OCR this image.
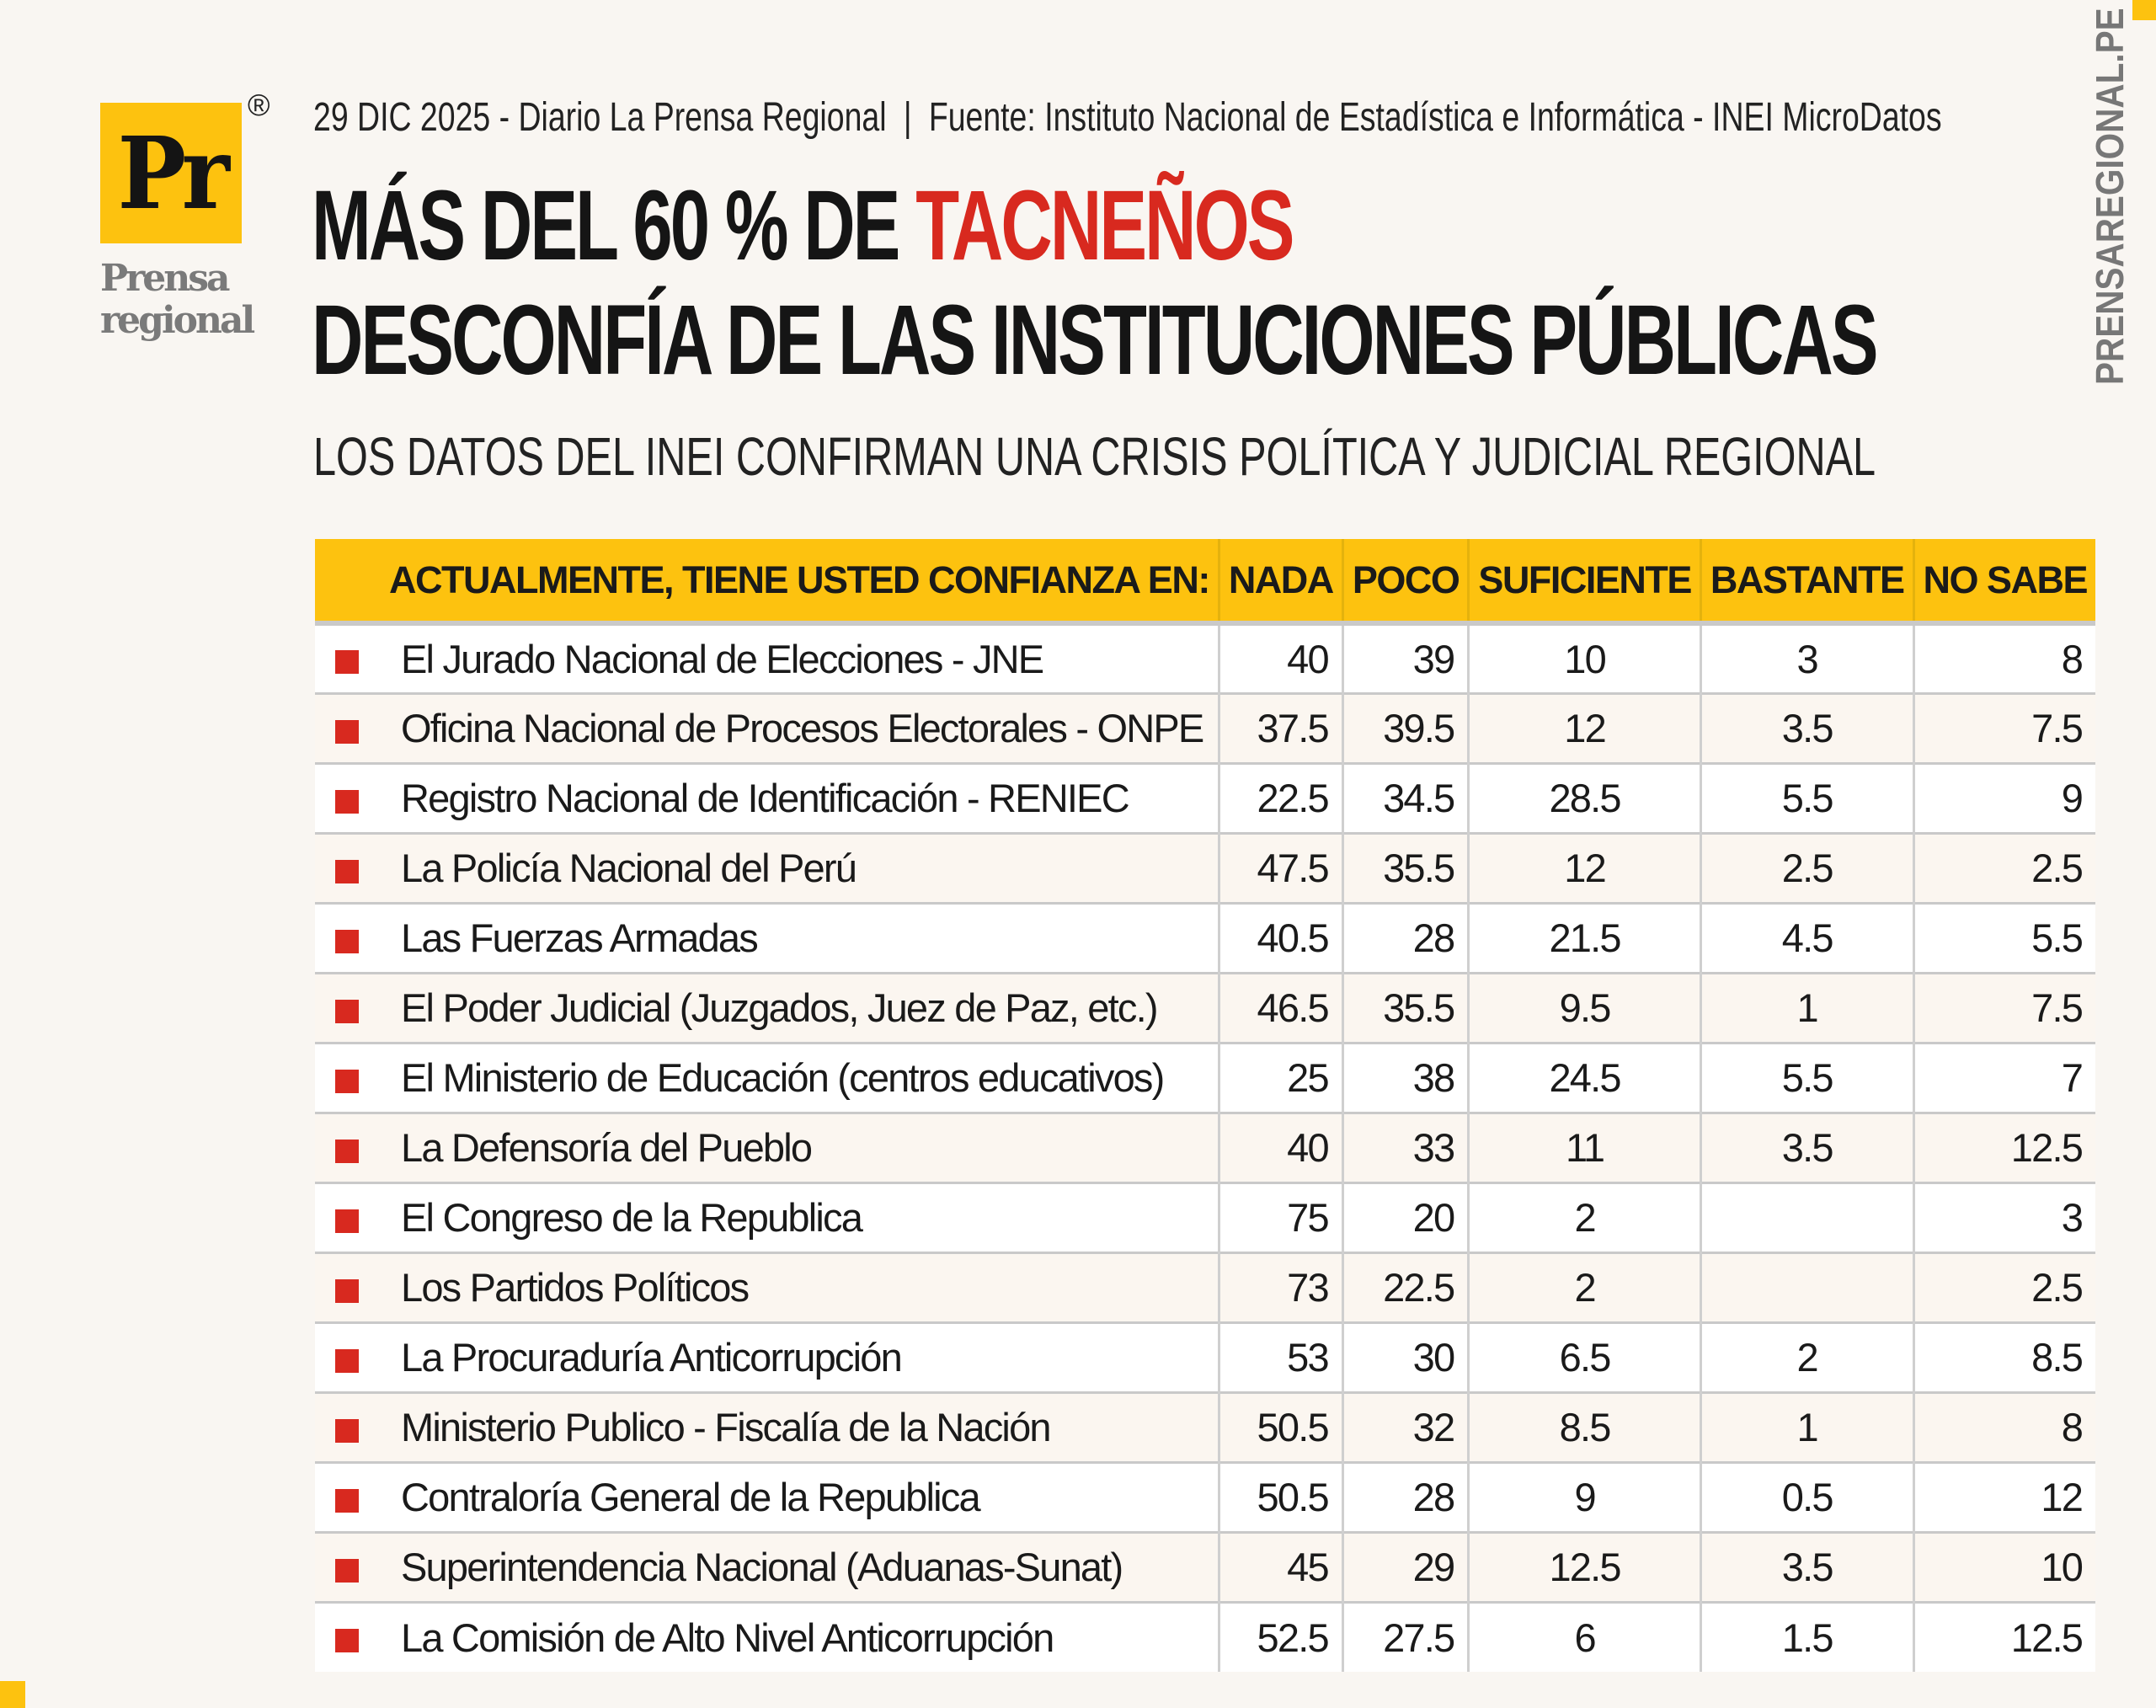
Pr
®
Prensa
regional
29 DIC 2025 - Diario La Prensa Regional | Fuente: Instituto Nacional de Estadística e Informática - INEI MicroDatos
MÁS DEL 60 % DE TACNEÑOS
DESCONFÍA DE LAS INSTITUCIONES PÚBLICAS
LOS DATOS DEL INEI CONFIRMAN UNA CRISIS POLÍTICA Y JUDICIAL REGIONAL
PRENSAREGIONAL.PE
ACTUALMENTE, TIENE USTED CONFIANZA EN:	NADA	POCO	SUFICIENTE	BASTANTE	NO SABE
El Jurado Nacional de Elecciones - JNE	40	39	10	3	8
Oficina Nacional de Procesos Electorales - ONPE	37.5	39.5	12	3.5	7.5
Registro Nacional de Identificación - RENIEC	22.5	34.5	28.5	5.5	9
La Policía Nacional del Perú	47.5	35.5	12	2.5	2.5
Las Fuerzas Armadas	40.5	28	21.5	4.5	5.5
El Poder Judicial (Juzgados, Juez de Paz, etc.)	46.5	35.5	9.5	1	7.5
El Ministerio de Educación (centros educativos)	25	38	24.5	5.5	7
La Defensoría del Pueblo	40	33	11	3.5	12.5
El Congreso de la Republica	75	20	2		3
Los Partidos Políticos	73	22.5	2		2.5
La Procuraduría Anticorrupción	53	30	6.5	2	8.5
Ministerio Publico - Fiscalía de la Nación	50.5	32	8.5	1	8
Contraloría General de la Republica	50.5	28	9	0.5	12
Superintendencia Nacional (Aduanas-Sunat)	45	29	12.5	3.5	10
La Comisión de Alto Nivel Anticorrupción	52.5	27.5	6	1.5	12.5
